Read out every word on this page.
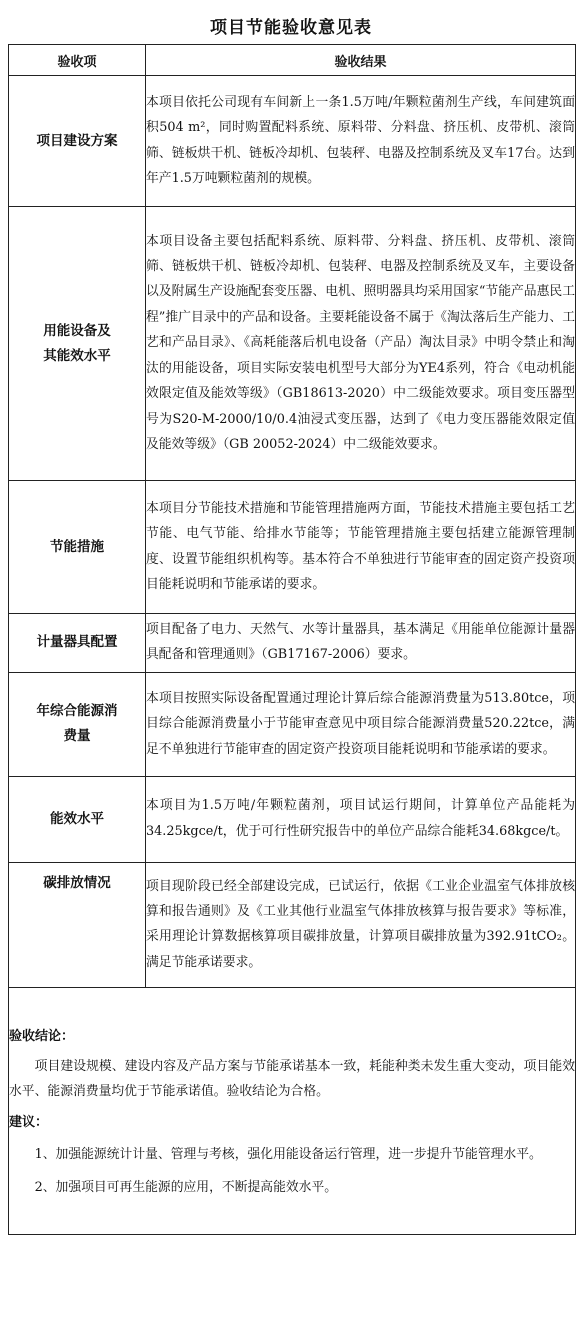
项目节能验收意见表
验收项	验收结果
项目建设方案	本项目依托公司现有车间新上一条1.5万吨/年颗粒菌剂生产线，车间建筑面积504 m²，同时购置配料系统、原料带、分料盘、挤压机、皮带机、滚筒筛、链板烘干机、链板冷却机、包装秤、电器及控制系统及叉车17台。达到年产1.5万吨颗粒菌剂的规模。

用能设备及其能效水平	本项目设备主要包括配料系统、原料带、分料盘、挤压机、皮带机、滚筒筛、链板烘干机、链板冷却机、包装秤、电器及控制系统及叉车，主要设备以及附属生产设施配套变压器、电机、照明器具均采用国家“节能产品惠民工程”推广目录中的产品和设备。主要耗能设备不属于《淘汰落后生产能力、工艺和产品目录》、《高耗能落后机电设备（产品）淘汰目录》中明令禁止和淘汰的用能设备，项目实际安装电机型号大部分为YE4系列，符合《电动机能效限定值及能效等级》（GB18613-2020）中二级能效要求。项目变压器型号为S20-M-2000/10/0.4油浸式变压器，达到了《电力变压器能效限定值及能效等级》（GB 20052-2024）中二级能效要求。

节能措施	本项目分节能技术措施和节能管理措施两方面，节能技术措施主要包括工艺节能、电气节能、给排水节能等；节能管理措施主要包括建立能源管理制度、设置节能组织机构等。基本符合不单独进行节能审查的固定资产投资项目能耗说明和节能承诺的要求。

计量器具配置	项目配备了电力、天然气、水等计量器具，基本满足《用能单位能源计量器具配备和管理通则》（GB17167-2006）要求。

年综合能源消费量	本项目按照实际设备配置通过理论计算后综合能源消费量为513.80tce，项目综合能源消费量小于节能审查意见中项目综合能源消费量520.22tce，满足不单独进行节能审查的固定资产投资项目能耗说明和节能承诺的要求。

能效水平	本项目为1.5万吨/年颗粒菌剂，项目试运行期间，计算单位产品能耗为34.25kgce/t，优于可行性研究报告中的单位产品综合能耗34.68kgce/t。

碳排放情况	项目现阶段已经全部建设完成，已试运行，依据《工业企业温室气体排放核算和报告通则》及《工业其他行业温室气体排放核算与报告要求》等标准，采用理论计算数据核算项目碳排放量，计算项目碳排放量为392.91tCO₂。满足节能承诺要求。

验收结论：
项目建设规模、建设内容及产品方案与节能承诺基本一致，耗能种类未发生重大变动，项目能效水平、能源消费量均优于节能承诺值。验收结论为合格。
建议：
1、加强能源统计计量、管理与考核，强化用能设备运行管理，进一步提升节能管理水平。
2、加强项目可再生能源的应用，不断提高能效水平。	
